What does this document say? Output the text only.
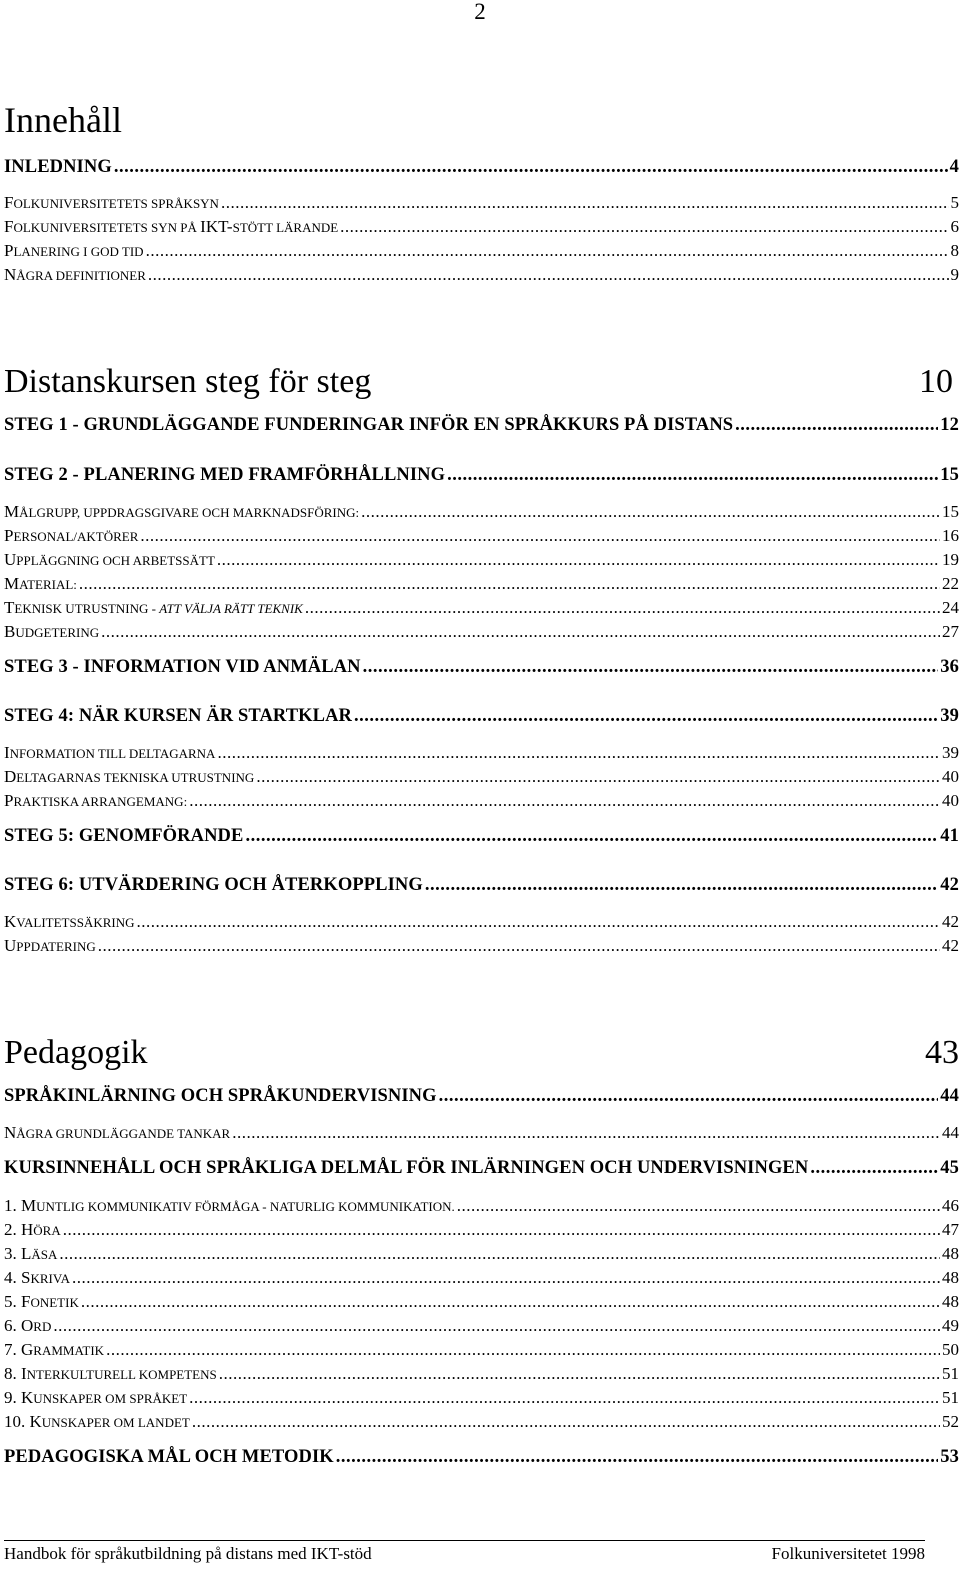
2
Innehåll
INLEDNING .....	4
FOLKUNIVERSITETETS SPRÅKSYN .....	5
FOLKUNIVERSITETETS SYN PÅ IKT-STÖTT LÄRANDE .....	6
PLANERING I GOD TID .....	8
NÅGRA DEFINITIONER .....	9
Distanskursen steg för steg	10
STEG 1 - GRUNDLÄGGANDE FUNDERINGAR INFÖR EN SPRÅKKURS PÅ DISTANS .....	12
STEG 2 - PLANERING MED FRAMFÖRHÅLLNING .....	15
MÅLGRUPP, UPPDRAGSGIVARE OCH MARKNADSFÖRING: .....	15
PERSONAL/AKTÖRER .....	16
UPPLÄGGNING OCH ARBETSSÄTT .....	19
MATERIAL: .....	22
TEKNISK UTRUSTNING - ATT VÄLJA RÄTT TEKNIK .....	24
BUDGETERING .....	27
STEG 3 - INFORMATION VID ANMÄLAN .....	36
STEG 4: NÄR KURSEN ÄR STARTKLAR .....	39
INFORMATION TILL DELTAGARNA .....	39
DELTAGARNAS TEKNISKA UTRUSTNING .....	40
PRAKTISKA ARRANGEMANG: .....	40
STEG 5: GENOMFÖRANDE .....	41
STEG 6: UTVÄRDERING OCH ÅTERKOPPLING .....	42
KVALITETSSÄKRING .....	42
UPPDATERING .....	42
Pedagogik	43
SPRÅKINLÄRNING OCH SPRÅKUNDERVISNING .....	44
NÅGRA GRUNDLÄGGANDE TANKAR .....	44
KURSINNEHÅLL OCH SPRÅKLIGA DELMÅL FÖR INLÄRNINGEN OCH UNDERVISNINGEN .....	45
1. MUNTLIG KOMMUNIKATIV FÖRMÅGA - NATURLIG KOMMUNIKATION. .....	46
2. HÖRA .....	47
3. LÄSA .....	48
4. SKRIVA .....	48
5. FONETIK .....	48
6. ORD .....	49
7. GRAMMATIK .....	50
8. INTERKULTURELL KOMPETENS .....	51
9. KUNSKAPER OM SPRÅKET .....	51
10. KUNSKAPER OM LANDET .....	52
PEDAGOGISKA MÅL OCH METODIK .....	53
Handbok för språkutbildning på distans med IKT-stöd	Folkuniversitetet 1998
